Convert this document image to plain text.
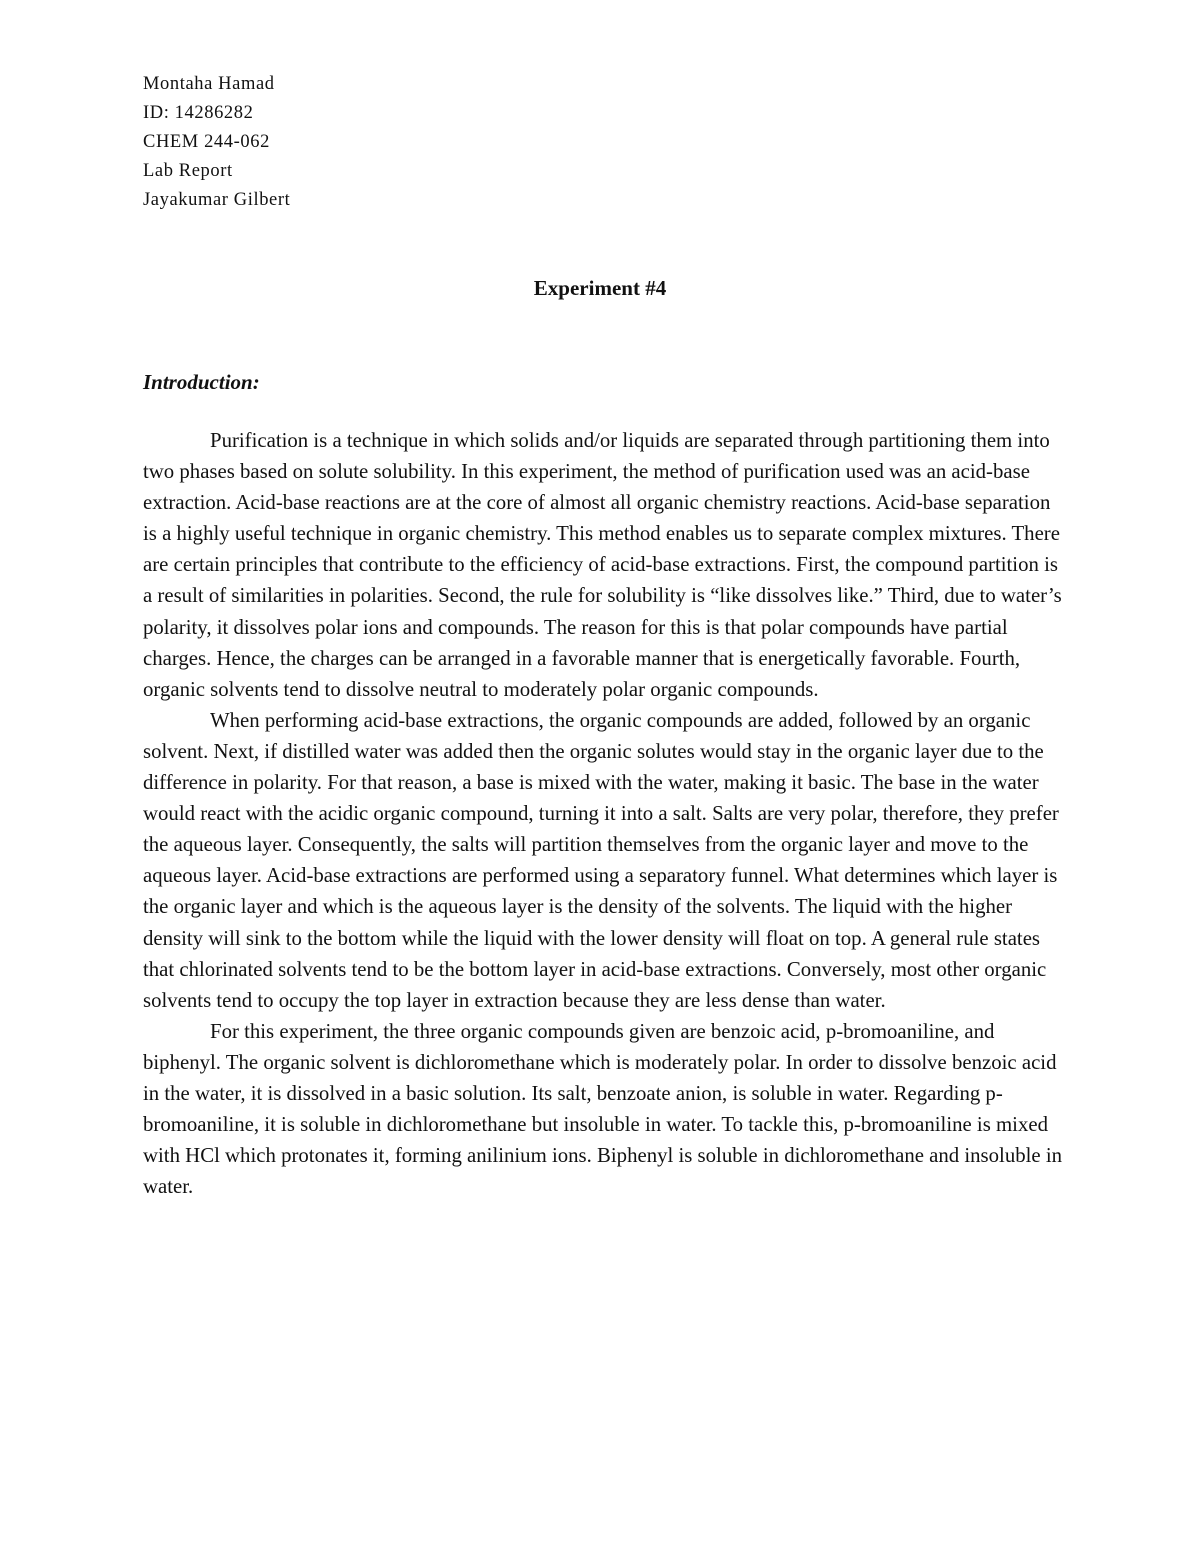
Montaha Hamad
ID: 14286282
CHEM 244-062
Lab Report
Jayakumar Gilbert
Experiment #4
Introduction:

Purification is a technique in which solids and/or liquids are separated through partitioning them into two phases based on solute solubility. In this experiment, the method of purification used was an acid-base extraction. Acid-base reactions are at the core of almost all organic chemistry reactions. Acid-base separation is a highly useful technique in organic chemistry. This method enables us to separate complex mixtures. There are certain principles that contribute to the efficiency of acid-base extractions. First, the compound partition is a result of similarities in polarities. Second, the rule for solubility is “like dissolves like.” Third, due to water’s polarity, it dissolves polar ions and compounds. The reason for this is that polar compounds have partial charges. Hence, the charges can be arranged in a favorable manner that is energetically favorable. Fourth, organic solvents tend to dissolve neutral to moderately polar organic compounds.

When performing acid-base extractions, the organic compounds are added, followed by an organic solvent. Next, if distilled water was added then the organic solutes would stay in the organic layer due to the difference in polarity. For that reason, a base is mixed with the water, making it basic. The base in the water would react with the acidic organic compound, turning it into a salt. Salts are very polar, therefore, they prefer the aqueous layer. Consequently, the salts will partition themselves from the organic layer and move to the aqueous layer. Acid-base extractions are performed using a separatory funnel. What determines which layer is the organic layer and which is the aqueous layer is the density of the solvents. The liquid with the higher density will sink to the bottom while the liquid with the lower density will float on top. A general rule states that chlorinated solvents tend to be the bottom layer in acid-base extractions. Conversely, most other organic solvents tend to occupy the top layer in extraction because they are less dense than water.

For this experiment, the three organic compounds given are benzoic acid, p-bromoaniline, and biphenyl. The organic solvent is dichloromethane which is moderately polar. In order to dissolve benzoic acid in the water, it is dissolved in a basic solution. Its salt, benzoate anion, is soluble in water. Regarding p-bromoaniline, it is soluble in dichloromethane but insoluble in water. To tackle this, p-bromoaniline is mixed with HCl which protonates it, forming anilinium ions. Biphenyl is soluble in dichloromethane and insoluble in water.
